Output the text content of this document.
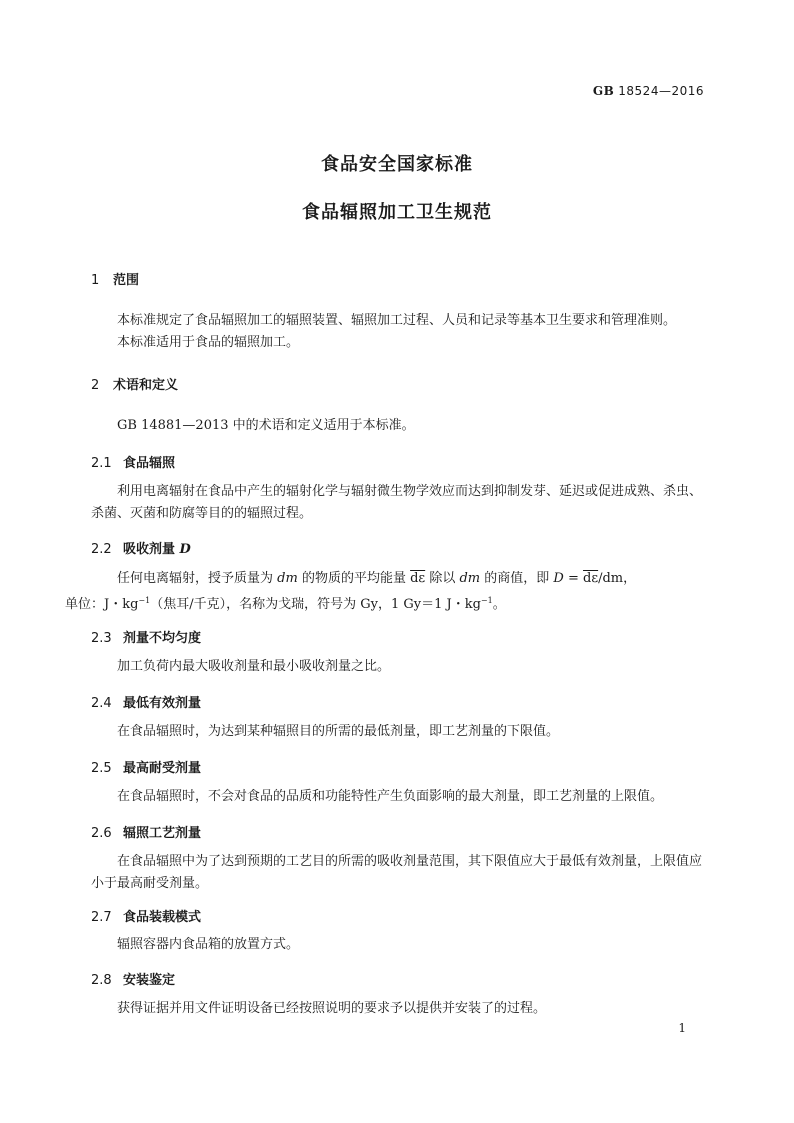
GB 18524—2016
食品安全国家标准
食品辐照加工卫生规范
1 范围
本标准规定了食品辐照加工的辐照装置、辐照加工过程、人员和记录等基本卫生要求和管理准则。
本标准适用于食品的辐照加工。
2 术语和定义
GB 14881—2013 中的术语和定义适用于本标准。
2.1 食品辐照
利用电离辐射在食品中产生的辐射化学与辐射微生物学效应而达到抑制发芽、延迟或促进成熟、杀虫、杀菌、灭菌和防腐等目的的辐照过程。
2.2 吸收剂量 D
任何电离辐射，授予质量为 dm 的物质的平均能量 $\overline{d\varepsilon}$ 除以 dm 的商值，即 $D = \overline{d\varepsilon}/dm$，
单位：J・$kg^{-1}$（焦耳/千克），名称为戈瑞，符号为 Gy，1 Gy＝1 J・$kg^{-1}$。
2.3 剂量不均匀度
加工负荷内最大吸收剂量和最小吸收剂量之比。
2.4 最低有效剂量
在食品辐照时，为达到某种辐照目的所需的最低剂量，即工艺剂量的下限值。
2.5 最高耐受剂量
在食品辐照时，不会对食品的品质和功能特性产生负面影响的最大剂量，即工艺剂量的上限值。
2.6 辐照工艺剂量
在食品辐照中为了达到预期的工艺目的所需的吸收剂量范围，其下限值应大于最低有效剂量，上限值应小于最高耐受剂量。
2.7 食品装载模式
辐照容器内食品箱的放置方式。
2.8 安装鉴定
获得证据并用文件证明设备已经按照说明的要求予以提供并安装了的过程。
1
